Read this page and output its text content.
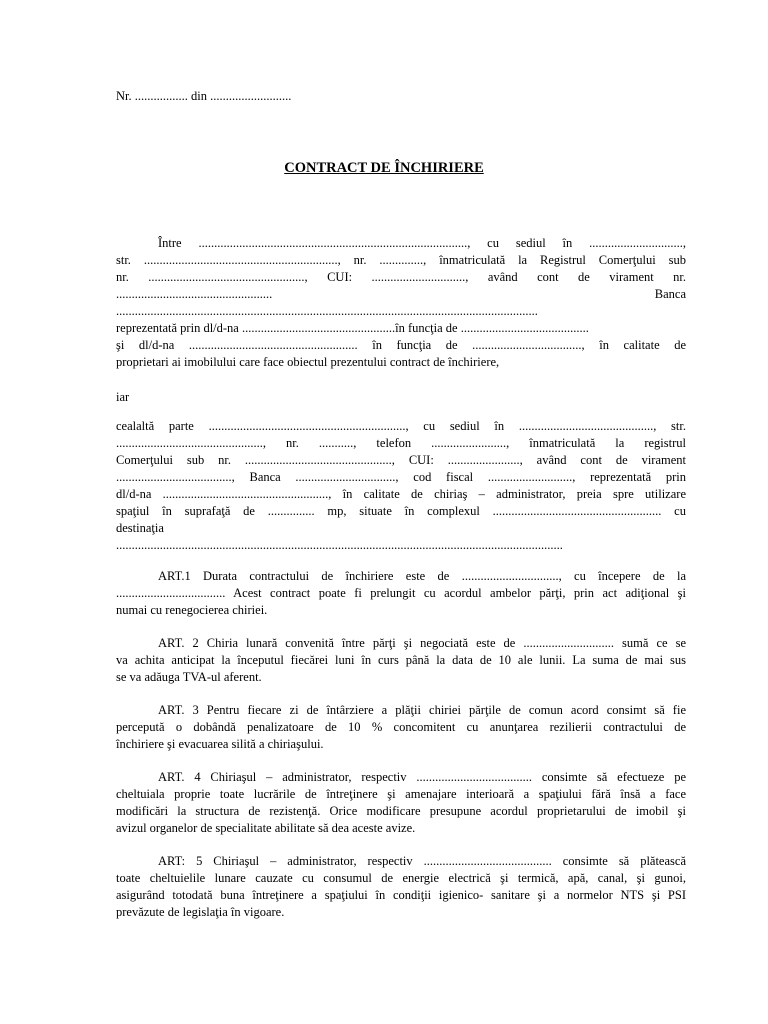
Nr. ................. din ..........................
CONTRACT DE ÎNCHIRIERE
Între ......................................................................................, cu sediul în ..............................,
str. .............................................................., nr. .............., înmatriculată la Registrul Comerţului sub
nr. .................................................., CUI: .............................., având cont de virament nr.
.................................................. Banca
.......................................................................................................................................
reprezentată prin dl/d-na .................................................în funcţia de .........................................
şi dl/d-na ...................................................... în funcţia de ..................................., în calitate de
proprietari ai imobilului care face obiectul prezentului contract de închiriere,
iar
cealaltă parte ..............................................................., cu sediul în ..........................................., str.
..............................................., nr. ..........., telefon ........................, înmatriculată la registrul
Comerţului sub nr. ..............................................., CUI: ......................., având cont de virament
....................................., Banca ................................, cod fiscal ..........................., reprezentată prin
dl/d-na ....................................................., în calitate de chiriaş – administrator, preia spre utilizare
spaţiul în suprafaţă de ............... mp, situate în complexul ...................................................... cu
destinaţia
...............................................................................................................................................
ART.1 Durata contractului de închiriere este de ..............................., cu începere de la
................................... Acest contract poate fi prelungit cu acordul ambelor părţi, prin act adiţional şi
numai cu renegocierea chiriei.
ART. 2 Chiria lunară convenită între părţi şi negociată este de ............................. sumă ce se
va achita anticipat la începutul fiecărei luni în curs până la data de 10 ale lunii. La suma de mai sus
se va adăuga TVA-ul aferent.
ART. 3 Pentru fiecare zi de întârziere a plăţii chiriei părţile de comun acord consimt să fie
percepută o dobândă penalizatoare de 10 % concomitent cu anunţarea rezilierii contractului de
închiriere şi evacuarea silită a chiriaşului.
ART. 4 Chiriaşul – administrator, respectiv ..................................... consimte să efectueze pe
cheltuiala proprie toate lucrările de întreţinere şi amenajare interioară a spaţiului fără însă a face
modificări la structura de rezistenţă. Orice modificare presupune acordul proprietarului de imobil şi
avizul organelor de specialitate abilitate să dea aceste avize.
ART: 5 Chiriaşul – administrator, respectiv ......................................... consimte să plătească
toate cheltuielile lunare cauzate cu consumul de energie electrică şi termică, apă, canal, şi gunoi,
asigurând totodată buna întreţinere a spaţiului în condiţii igienico- sanitare şi a normelor NTS şi PSI
prevăzute de legislaţia în vigoare.
